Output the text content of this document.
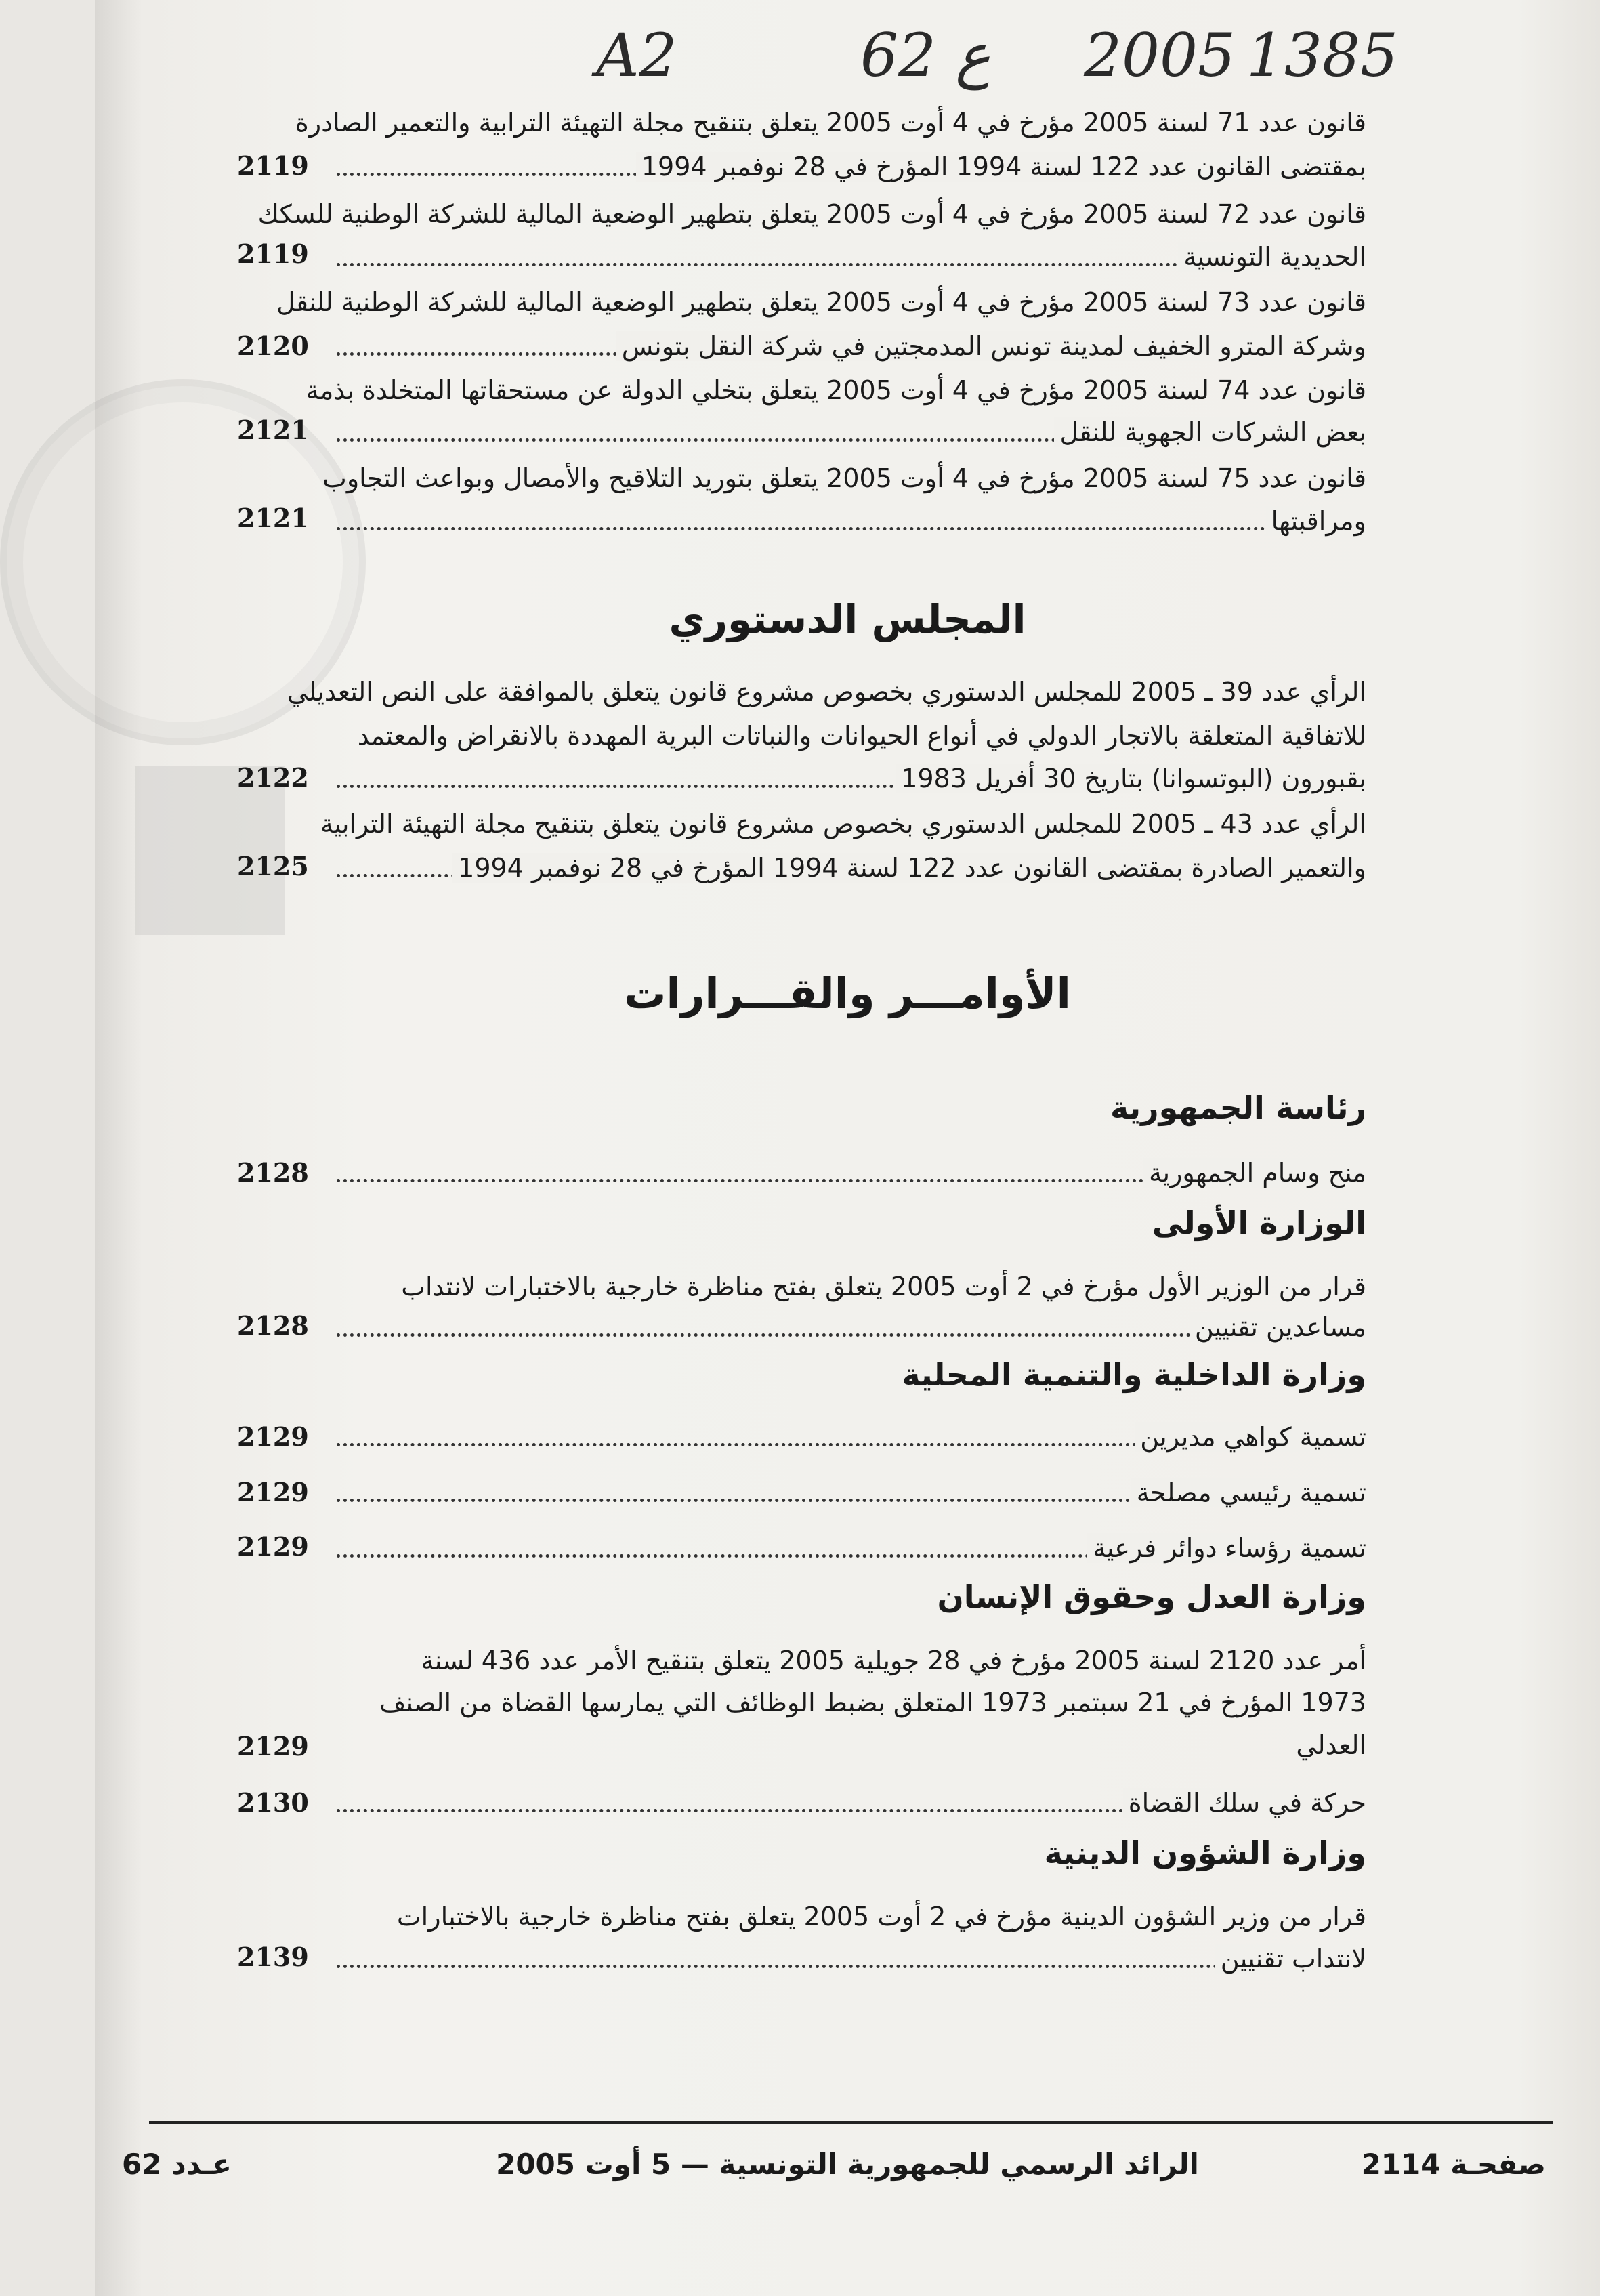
A2	62 ع 2005 1385
قانون عدد 71 لسنة 2005 مؤرخ في 4 أوت 2005 يتعلق بتنقيح مجلة التهيئة الترابية والتعمير الصادرة
بمقتضى القانون عدد 122 لسنة 1994 المؤرخ في 28 نوفمبر 1994
2119
قانون عدد 72 لسنة 2005 مؤرخ في 4 أوت 2005 يتعلق بتطهير الوضعية المالية للشركة الوطنية للسكك
الحديدية التونسية
2119
قانون عدد 73 لسنة 2005 مؤرخ في 4 أوت 2005 يتعلق بتطهير الوضعية المالية للشركة الوطنية للنقل
وشركة المترو الخفيف لمدينة تونس المدمجتين في شركة النقل بتونس
2120
قانون عدد 74 لسنة 2005 مؤرخ في 4 أوت 2005 يتعلق بتخلي الدولة عن مستحقاتها المتخلدة بذمة
بعض الشركات الجهوية للنقل
2121
قانون عدد 75 لسنة 2005 مؤرخ في 4 أوت 2005 يتعلق بتوريد التلاقيح والأمصال وبواعث التجاوب
ومراقبتها
2121
المجلس الدستوري
الرأي عدد 39 ـ 2005 للمجلس الدستوري بخصوص مشروع قانون يتعلق بالموافقة على النص التعديلي
للاتفاقية المتعلقة بالاتجار الدولي في أنواع الحيوانات والنباتات البرية المهددة بالانقراض والمعتمد
بقبورون (البوتسوانا) بتاريخ 30 أفريل 1983
2122
الرأي عدد 43 ـ 2005 للمجلس الدستوري بخصوص مشروع قانون يتعلق بتنقيح مجلة التهيئة الترابية
والتعمير الصادرة بمقتضى القانون عدد 122 لسنة 1994 المؤرخ في 28 نوفمبر 1994
2125
الأوامـــر والقـــرارات
رئاسة الجمهورية
منح وسام الجمهورية
2128
الوزارة الأولى
قرار من الوزير الأول مؤرخ في 2 أوت 2005 يتعلق بفتح مناظرة خارجية بالاختبارات لانتداب
مساعدين تقنيين
2128
وزارة الداخلية والتنمية المحلية
تسمية كواهي مديرين
2129
تسمية رئيسي مصلحة
2129
تسمية رؤساء دوائر فرعية
2129
وزارة العدل وحقوق الإنسان
أمر عدد 2120 لسنة 2005 مؤرخ في 28 جويلية 2005 يتعلق بتنقيح الأمر عدد 436 لسنة
1973 المؤرخ في 21 سبتمبر 1973 المتعلق بضبط الوظائف التي يمارسها القضاة من الصنف
العدلي
2129
حركة في سلك القضاة
2130
وزارة الشؤون الدينية
قرار من وزير الشؤون الدينية مؤرخ في 2 أوت 2005 يتعلق بفتح مناظرة خارجية بالاختبارات
لانتداب تقنيين
2139
صفحـة 2114
الرائد الرسمي للجمهورية التونسية — 5 أوت 2005
عـدد 62
